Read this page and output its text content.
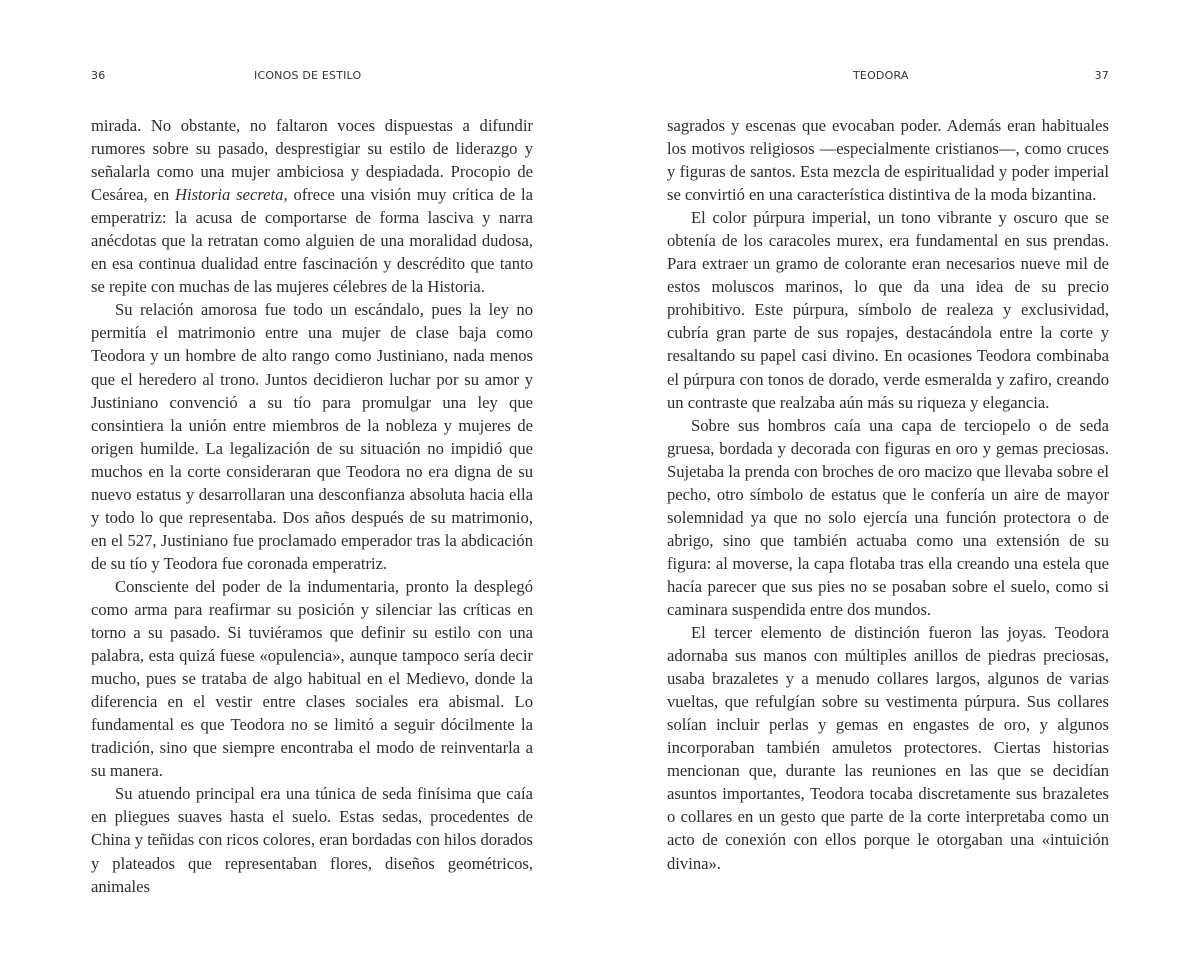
36	ICONOS DE ESTILO

mirada. No obstante, no faltaron voces dispuestas a difundir rumores sobre su pasado, desprestigiar su estilo de liderazgo y señalarla como una mujer ambiciosa y despiadada. Procopio de Cesárea, en Historia secreta, ofrece una visión muy crítica de la emperatriz: la acusa de comportarse de forma lasciva y narra anécdotas que la retratan como alguien de una moralidad dudosa, en esa continua dualidad entre fascinación y descrédito que tanto se repite con muchas de las mujeres célebres de la Historia.

Su relación amorosa fue todo un escándalo, pues la ley no permitía el matrimonio entre una mujer de clase baja como Teodora y un hombre de alto rango como Justiniano, nada menos que el heredero al trono. Juntos decidieron luchar por su amor y Justiniano convenció a su tío para promulgar una ley que consintiera la unión entre miembros de la nobleza y mujeres de origen humilde. La legalización de su situación no impidió que muchos en la corte consideraran que Teodora no era digna de su nuevo estatus y desarrollaran una desconfianza absoluta hacia ella y todo lo que representaba. Dos años después de su matrimonio, en el 527, Justiniano fue proclamado emperador tras la abdicación de su tío y Teodora fue coronada emperatriz.

Consciente del poder de la indumentaria, pronto la desplegó como arma para reafirmar su posición y silenciar las críticas en torno a su pasado. Si tuviéramos que definir su estilo con una palabra, esta quizá fuese «opulencia», aunque tampoco sería decir mucho, pues se trataba de algo habitual en el Medievo, donde la diferencia en el vestir entre clases sociales era abismal. Lo fundamental es que Teodora no se limitó a seguir dócilmente la tradición, sino que siempre encontraba el modo de reinventarla a su manera.

Su atuendo principal era una túnica de seda finísima que caía en pliegues suaves hasta el suelo. Estas sedas, procedentes de China y teñidas con ricos colores, eran bordadas con hilos dorados y plateados que representaban flores, diseños geométricos, animales

TEODORA	37

sagrados y escenas que evocaban poder. Además eran habituales los motivos religiosos —especialmente cristianos—, como cruces y figuras de santos. Esta mezcla de espiritualidad y poder imperial se convirtió en una característica distintiva de la moda bizantina.

El color púrpura imperial, un tono vibrante y oscuro que se obtenía de los caracoles murex, era fundamental en sus prendas. Para extraer un gramo de colorante eran necesarios nueve mil de estos moluscos marinos, lo que da una idea de su precio prohibitivo. Este púrpura, símbolo de realeza y exclusividad, cubría gran parte de sus ropajes, destacándola entre la corte y resaltando su papel casi divino. En ocasiones Teodora combinaba el púrpura con tonos de dorado, verde esmeralda y zafiro, creando un contraste que realzaba aún más su riqueza y elegancia.

Sobre sus hombros caía una capa de terciopelo o de seda gruesa, bordada y decorada con figuras en oro y gemas preciosas. Sujetaba la prenda con broches de oro macizo que llevaba sobre el pecho, otro símbolo de estatus que le confería un aire de mayor solemnidad ya que no solo ejercía una función protectora o de abrigo, sino que también actuaba como una extensión de su figura: al moverse, la capa flotaba tras ella creando una estela que hacía parecer que sus pies no se posaban sobre el suelo, como si caminara suspendida entre dos mundos.

El tercer elemento de distinción fueron las joyas. Teodora adornaba sus manos con múltiples anillos de piedras preciosas, usaba brazaletes y a menudo collares largos, algunos de varias vueltas, que refulgían sobre su vestimenta púrpura. Sus collares solían incluir perlas y gemas en engastes de oro, y algunos incorporaban también amuletos protectores. Ciertas historias mencionan que, durante las reuniones en las que se decidían asuntos importantes, Teodora tocaba discretamente sus brazaletes o collares en un gesto que parte de la corte interpretaba como un acto de conexión con ellos porque le otorgaban una «intuición divina».
